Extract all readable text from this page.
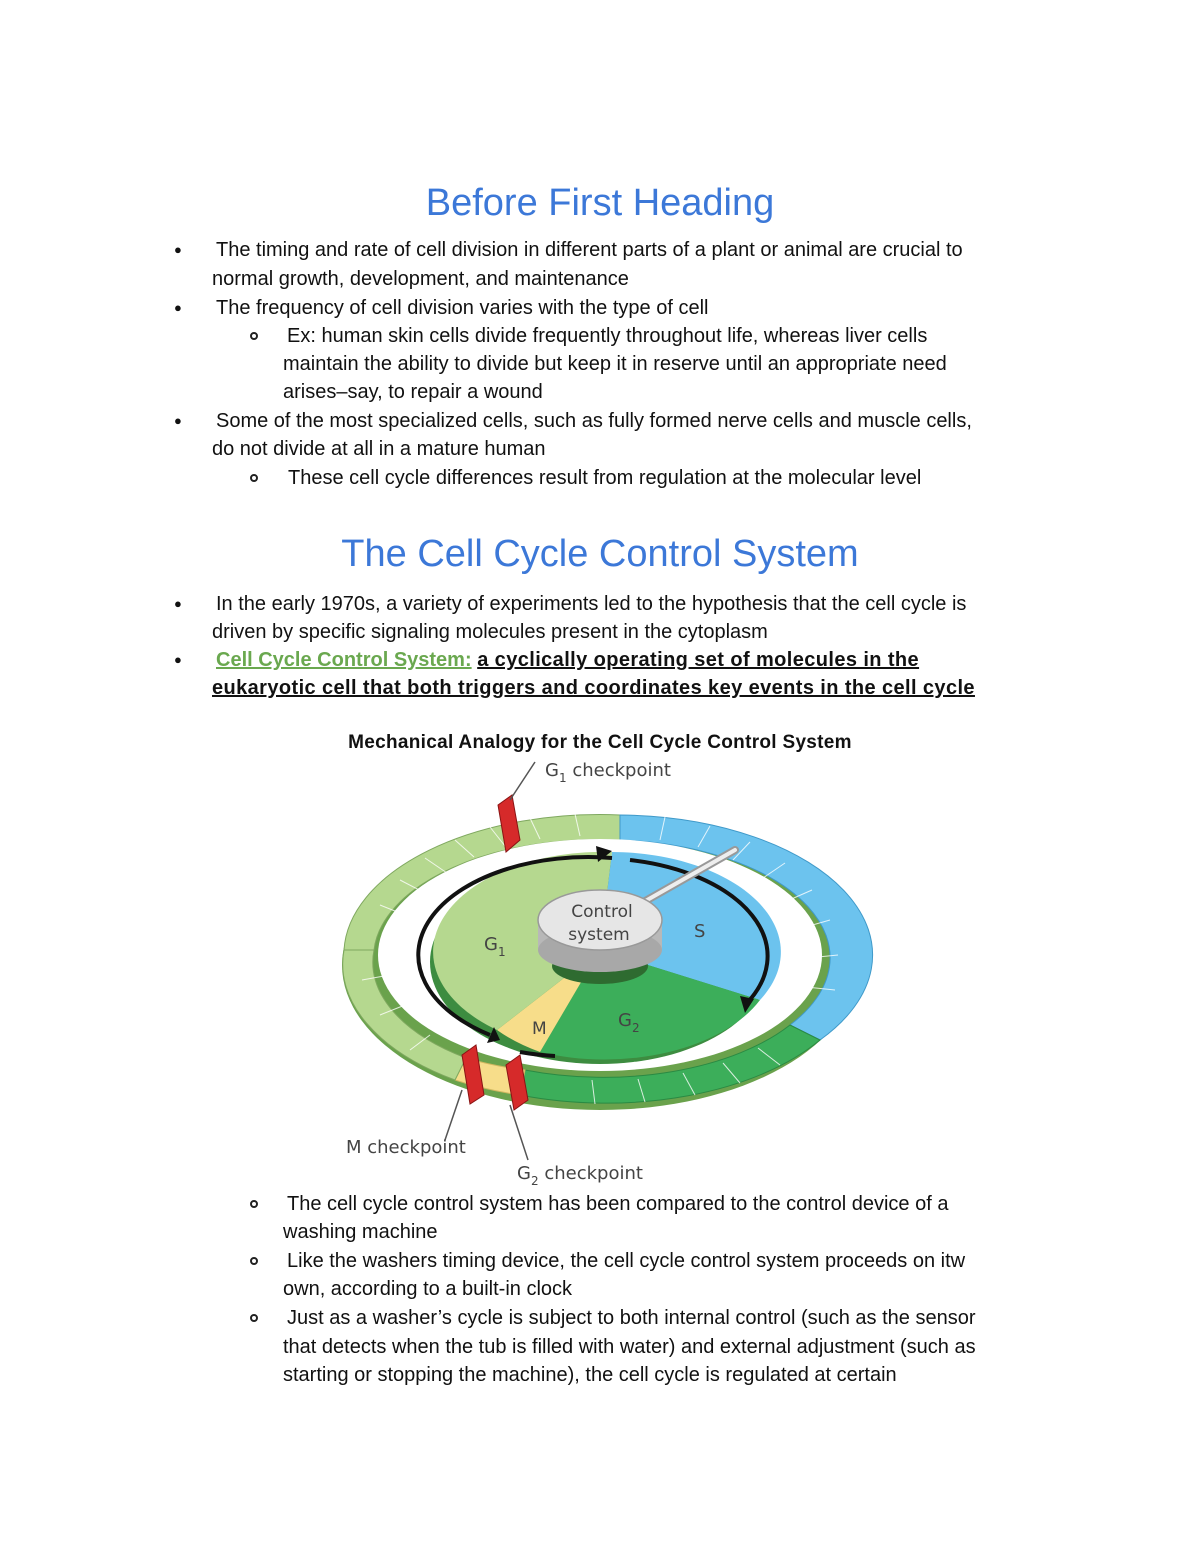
Before First Heading
● The timing and rate of cell division in different parts of a plant or animal are crucial to
normal growth, development, and maintenance
● The frequency of cell division varies with the type of cell
Ex: human skin cells divide frequently throughout life, whereas liver cells
maintain the ability to divide but keep it in reserve until an appropriate need
arises–say, to repair a wound
● Some of the most specialized cells, such as fully formed nerve cells and muscle cells,
do not divide at all in a mature human
These cell cycle differences result from regulation at the molecular level
The Cell Cycle Control System
● In the early 1970s, a variety of experiments led to the hypothesis that the cell cycle is
driven by specific signaling molecules present in the cytoplasm
● Cell Cycle Control System: a cyclically operating set of molecules in the
eukaryotic cell that both triggers and coordinates key events in the cell cycle
Mechanical Analogy for the Cell Cycle Control System
Control
system
$G_1$
S
M	$G_2$
$G_1$ checkpoint
M checkpoint
$G_2$ checkpoint
The cell cycle control system has been compared to the control device of a
washing machine
Like the washers timing device, the cell cycle control system proceeds on itw
own, according to a built-in clock
Just as a washer’s cycle is subject to both internal control (such as the sensor
that detects when the tub is filled with water) and external adjustment (such as
starting or stopping the machine), the cell cycle is regulated at certain
